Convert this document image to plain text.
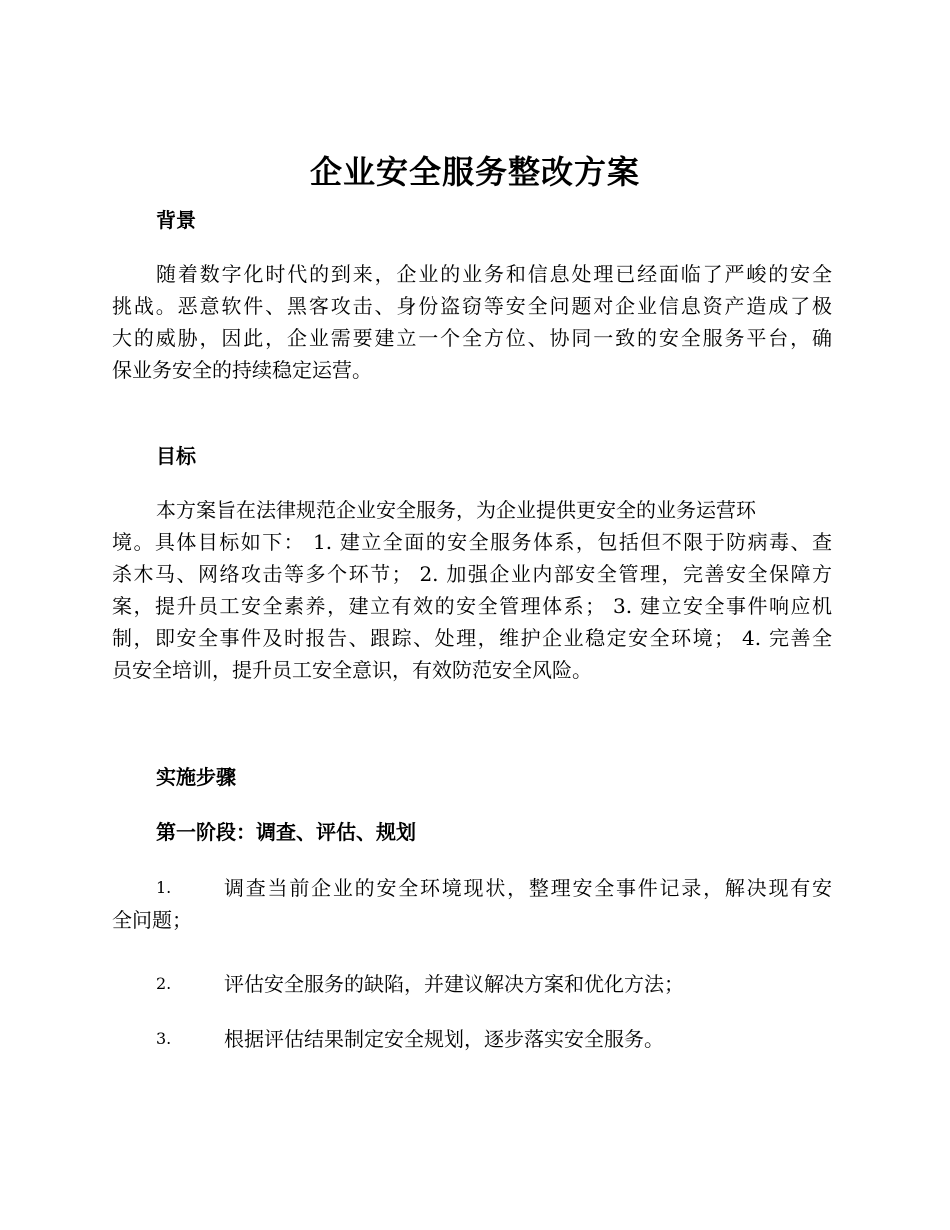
企业安全服务整改方案
背景
随着数字化时代的到来，企业的业务和信息处理已经面临了严峻的安全
挑战。恶意软件、黑客攻击、身份盗窃等安全问题对企业信息资产造成了极
大的威胁，因此，企业需要建立一个全方位、协同一致的安全服务平台，确
保业务安全的持续稳定运营。
目标
本方案旨在法律规范企业安全服务，为企业提供更安全的业务运营环
境。具体目标如下： 1. 建立全面的安全服务体系，包括但不限于防病毒、查
杀木马、网络攻击等多个环节； 2. 加强企业内部安全管理，完善安全保障方
案，提升员工安全素养，建立有效的安全管理体系； 3. 建立安全事件响应机
制，即安全事件及时报告、跟踪、处理，维护企业稳定安全环境； 4. 完善全
员安全培训，提升员工安全意识，有效防范安全风险。
实施步骤
第一阶段：调查、评估、规划
1.	调查当前企业的安全环境现状，整理安全事件记录，解决现有安
全问题；
2.	评估安全服务的缺陷，并建议解决方案和优化方法；
3.	根据评估结果制定安全规划，逐步落实安全服务。
